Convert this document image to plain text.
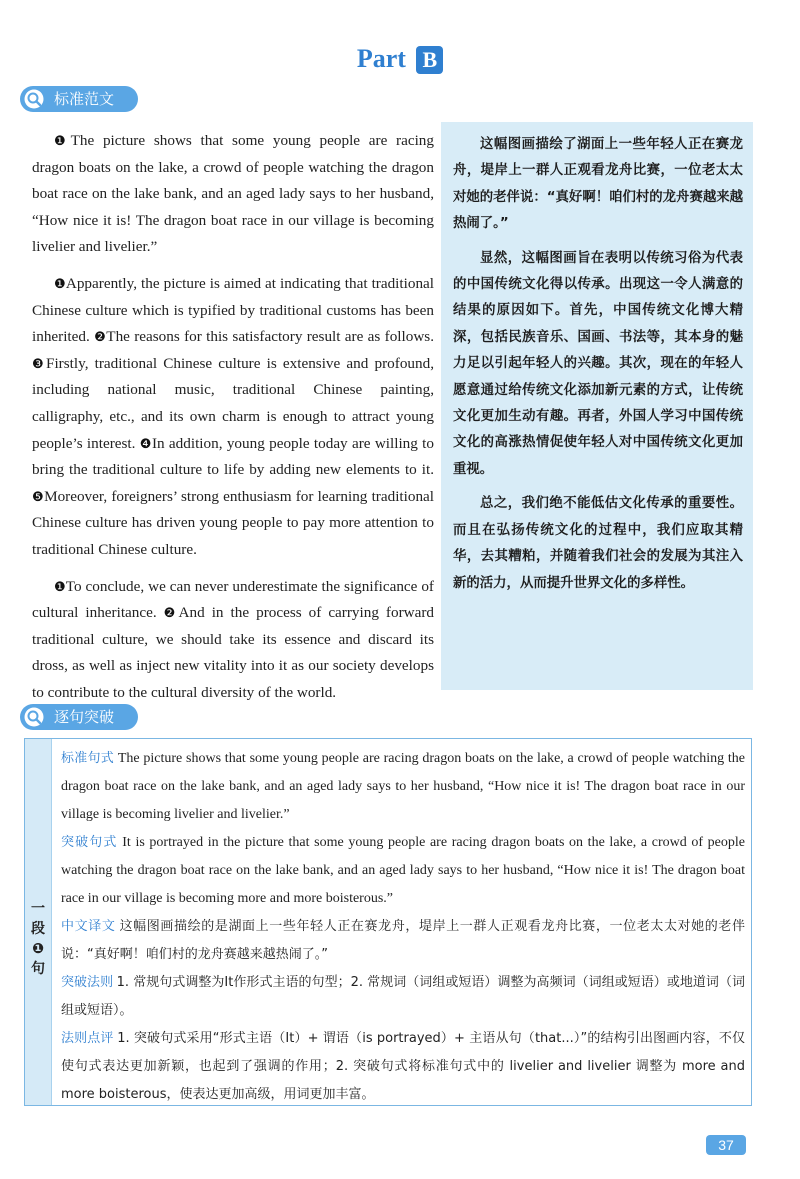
Part B
标准范文

❶The picture shows that some young people are racing dragon boats on the lake, a crowd of people watching the dragon boat race on the lake bank, and an aged lady says to her husband, “How nice it is! The dragon boat race in our village is becoming livelier and livelier.”

❶Apparently, the picture is aimed at indicating that traditional Chinese culture which is typified by traditional customs has been inherited. ❷The reasons for this satisfactory result are as follows. ❸Firstly, traditional Chinese culture is extensive and profound, including national music, traditional Chinese painting, calligraphy, etc., and its own charm is enough to attract young people’s interest. ❹In addition, young people today are willing to bring the traditional culture to life by adding new elements to it. ❺Moreover, foreigners’ strong enthusiasm for learning traditional Chinese culture has driven young people to pay more attention to traditional Chinese culture.

❶To conclude, we can never underestimate the significance of cultural inheritance. ❷And in the process of carrying forward traditional culture, we should take its essence and discard its dross, as well as inject new vitality into it as our society develops to contribute to the cultural diversity of the world.

这幅图画描绘了湖面上一些年轻人正在赛龙舟，堤岸上一群人正观看龙舟比赛，一位老太太对她的老伴说：“真好啊！咱们村的龙舟赛越来越热闹了。”

显然，这幅图画旨在表明以传统习俗为代表的中国传统文化得以传承。出现这一令人满意的结果的原因如下。首先，中国传统文化博大精深，包括民族音乐、国画、书法等，其本身的魅力足以引起年轻人的兴趣。其次，现在的年轻人愿意通过给传统文化添加新元素的方式，让传统文化更加生动有趣。再者，外国人学习中国传统文化的高涨热情促使年轻人对中国传统文化更加重视。

总之，我们绝不能低估文化传承的重要性。而且在弘扬传统文化的过程中，我们应取其精华，去其糟粕，并随着我们社会的发展为其注入新的活力，从而提升世界文化的多样性。

逐句突破
一段❶句

标准句式 The picture shows that some young people are racing dragon boats on the lake, a crowd of people watching the dragon boat race on the lake bank, and an aged lady says to her husband, “How nice it is! The dragon boat race in our village is becoming livelier and livelier.”

突破句式 It is portrayed in the picture that some young people are racing dragon boats on the lake, a crowd of people watching the dragon boat race on the lake bank, and an aged lady says to her husband, “How nice it is! The dragon boat race in our village is becoming more and more boisterous.”

中文译文 这幅图画描绘的是湖面上一些年轻人正在赛龙舟，堤岸上一群人正观看龙舟比赛，一位老太太对她的老伴说：“真好啊！咱们村的龙舟赛越来越热闹了。”

突破法则 1. 常规句式调整为It作形式主语的句型；2. 常规词（词组或短语）调整为高频词（词组或短语）或地道词（词组或短语）。

法则点评 1. 突破句式采用“形式主语（It）+ 谓语（is portrayed）+ 主语从句（that...）”的结构引出图画内容，不仅使句式表达更加新颖，也起到了强调的作用；2. 突破句式将标准句式中的 livelier and livelier 调整为 more and more boisterous，使表达更加高级，用词更加丰富。

37
